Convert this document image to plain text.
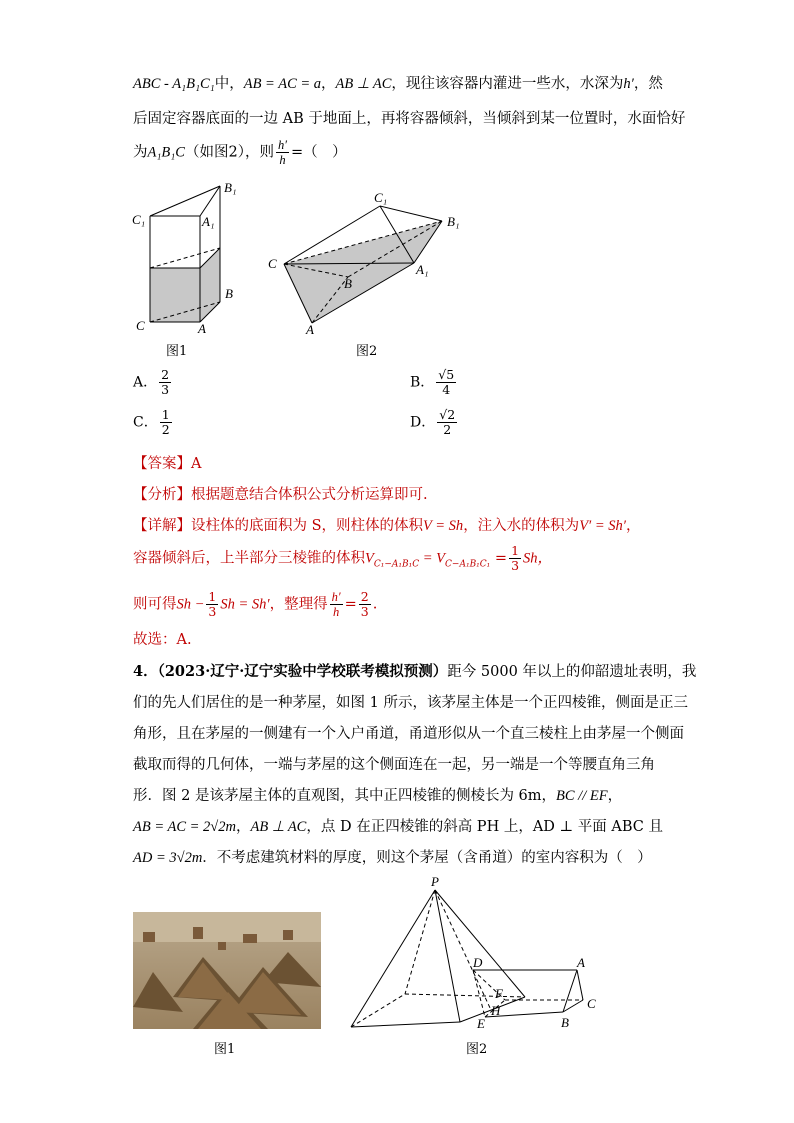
ABC - A₁B₁C₁中，AB = AC = a，AB ⊥ AC，现往该容器内灌进一些水，水深为h′，然
后固定容器底面的一边 AB 于地面上，再将容器倾斜，当倾斜到某一位置时，水面恰好
为A₁B₁C（如图2），则 $\frac{h'}{h}$ =（　）
B₁
C₁	A₁
B
C	A
图1
C₁
B₁
C	A₁
B
A
图2
A． $\frac{2}{3}$	B． $\frac{√5}{4}$
C． $\frac{1}{2}$	D． $\frac{√2}{2}$
【答案】A
【分析】根据题意结合体积公式分析运算即可.
【详解】设柱体的底面积为 S，则柱体的体积V = Sh，注入水的体积为V′ = Sh′，
容器倾斜后，上半部分三棱锥的体积$V_{C_1-A_1B_1C} = V_{C-A_1B_1C_1} = \frac{1}{3}$ Sh，
则可得$Sh - \frac{1}{3}$ Sh = Sh′，整理得 $\frac{h'}{h} = \frac{2}{3}$ .
故选：A.
4．（2023·辽宁·辽宁实验中学校联考模拟预测）距今 5000 年以上的仰韶遗址表明，我
们的先人们居住的是一种茅屋，如图 1 所示，该茅屋主体是一个正四棱锥，侧面是正三
角形，且在茅屋的一侧建有一个入户甬道，甬道形似从一个直三棱柱上由茅屋一个侧面
截取而得的几何体，一端与茅屋的这个侧面连在一起，另一端是一个等腰直角三角
形．图 2 是该茅屋主体的直观图，其中正四棱锥的侧棱长为 6m，BC // EF，
AB = AC = 2√2m，AB ⊥ AC，点 D 在正四棱锥的斜高 PH 上，AD ⊥ 平面 ABC 且
AD = 3√2m．不考虑建筑材料的厚度，则这个茅屋（含甬道）的室内容积为（　）
图1
P
D	A
F
H
E	B
C
图2
